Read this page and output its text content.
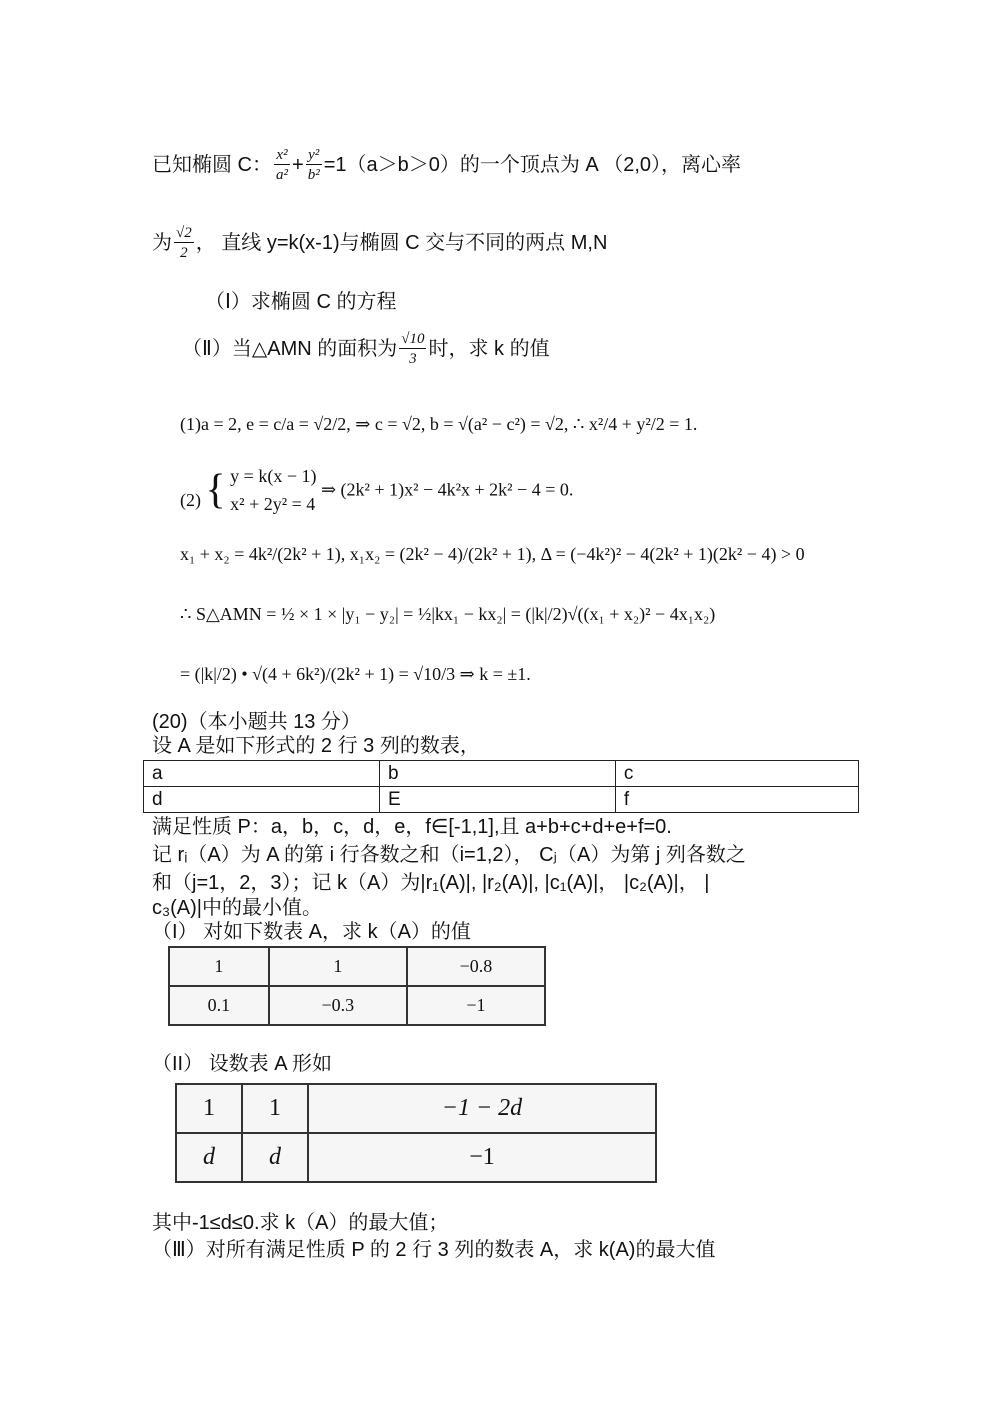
已知椭圆 C： $\frac{\text{x²}}{\text{a²}} + \frac{\text{y²}}{\text{b²}} =1(a>b>0)$的一个顶点为 A （2,0），离心率
为 $\frac{√2}{2}$ ， 直线 y=k(x-1)与椭圆 C 交与不同的两点 M,N
（Ⅰ）求椭圆 C 的方程
（Ⅱ）当△AMN 的面积为 $\frac{√10}{3}$ 时，求 k 的值
(1)a = 2, e = c/a = √2/2, ⇒ c = √2, b = √(a² − c²) = √2, ∴ x²/4 + y²/2 = 1.
(2) { y = k(x − 1)
x² + 2y² = 4
⇒ (2k² + 1)x² − 4k²x + 2k² − 4 = 0.
x₁ + x₂ = 4k²/(2k² + 1), x₁x₂ = (2k² − 4)/(2k² + 1), Δ = (−4k²)² − 4(2k² + 1)(2k² − 4) > 0
∴ S△AMN = ½ × 1 × |y₁ − y₂| = ½|kx₁ − kx₂| = (|k|/2)√((x₁ + x₂)² − 4x₁x₂)
= (|k|/2) • √(4 + 6k²)/(2k² + 1) = √10/3 ⇒ k = ±1.
(20)（本小题共 13 分）
设 A 是如下形式的 2 行 3 列的数表，
a	b	c
d	E	f
满足性质 P：a，b，c，d，e，f∈[-1,1],且 a+b+c+d+e+f=0.
记 rᵢ（A）为 A 的第 i 行各数之和（i=1,2）， Cⱼ（A）为第 j 列各数之
和（j=1，2，3）；记 k（A）为|r₁(A)|, |r₂(A)|, |c₁(A)|， |c₂(A)|， |
c₃(A)|中的最小值。
（I） 对如下数表 A，求 k（A）的值
1	1	−0.8
0.1	−0.3	−1
（II） 设数表 A 形如
1	1	−1 − 2d
d	d	−1
其中-1≤d≤0.求 k（A）的最大值；
（Ⅲ）对所有满足性质 P 的 2 行 3 列的数表 A，求 k(A)的最大值
